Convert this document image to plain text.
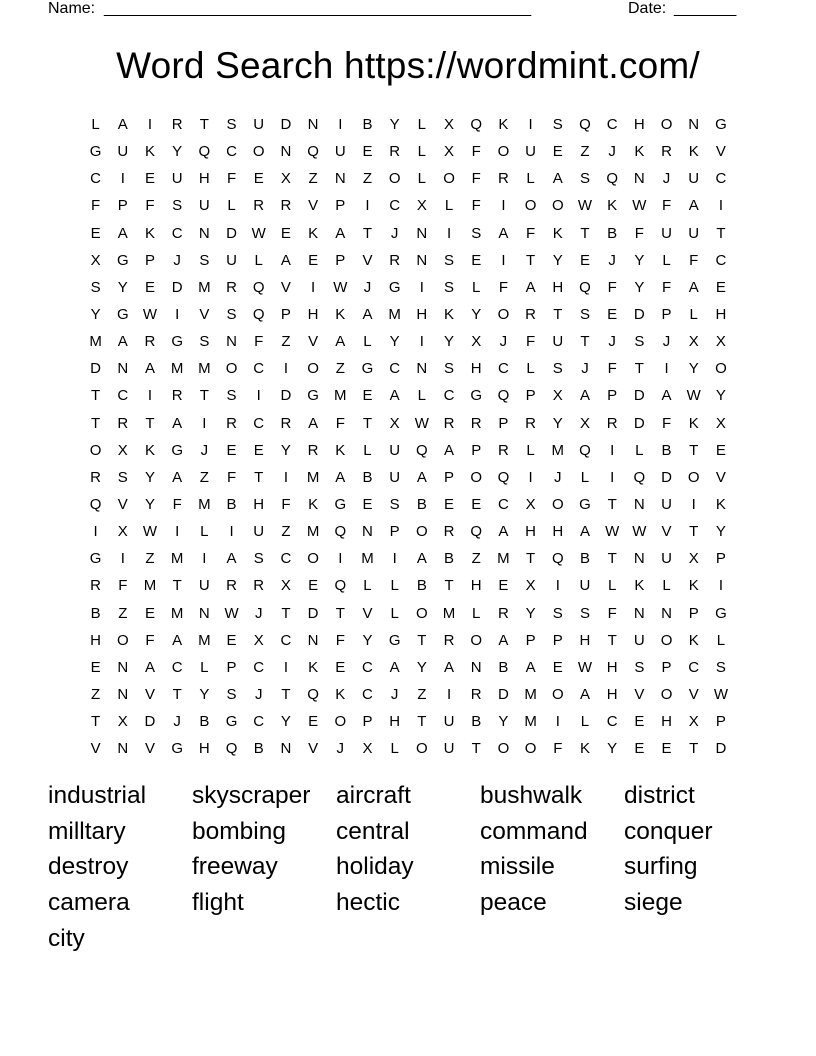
Name: ________________________________________________	Date: _______
Word Search https://wordmint.com/
L	A	I	R	T	S	U	D	N	I	B	Y	L	X	Q	K	I	S	Q	C	H	O	N	G
G	U	K	Y	Q	C	O	N	Q	U	E	R	L	X	F	O	U	E	Z	J	K	R	K	V
C	I	E	U	H	F	E	X	Z	N	Z	O	L	O	F	R	L	A	S	Q	N	J	U	C
F	P	F	S	U	L	R	R	V	P	I	C	X	L	F	I	O	O W	K	W	F	A	I
E	A	K	C	N	D W	E	K	A	T	J	N	I	S	A	F	K	T	B	F	U	U	T
X	G	P	J	S	U	L	A	E	P	V	R	N	S	E	I	T	Y	E	J	Y	L	F	C
S	Y	E	D	M	R	Q	V	I	W	J	G	I	S	L	F	A	H	Q	F	Y	F	A	E
Y	G W	I	V	S	Q	P	H	K	A	M	H	K	Y	O	R	T	S	E	D	P	L	H
M	A	R	G	S	N	F	Z	V	A	L	Y	I	Y	X	J	F	U	T	J	S	J	X	X
D	N	A	M M	O	C	I	O	Z	G	C	N	S	H	C	L	S	J	F	T	I	Y	O
T	C	I	R	T	S	I	D	G	M	E	A	L	C	G	Q	P	X	A	P	D	A	W	Y
T	R	T	A	I	R	C	R	A	F	T	X	W R	R	P	R	Y	X	R	D	F	K	X
O	X	K	G	J	E	E	Y	R	K	L	U	Q	A	P	R	L	M	Q	I	L	B	T	E
R	S	Y	A	Z	F	T	I	M	A	B	U	A	P	O	Q	I	J	L	I	Q	D	O	V
Q	V	Y	F	M	B	H	F	K	G	E	S	B	E	E	C	X	O	G	T	N	U	I	K
I	X	W	I	L	I	U	Z	M	Q	N	P	O	R	Q	A	H	H	A	W W	V	T	Y
G	I	Z	M	I	A	S	C	O	I	M	I	A	B	Z	M	T	Q	B	T	N	U	X	P
R	F	M	T	U	R	R	X	E	Q	L	L	B	T	H	E	X	I	U	L	K	L	K	I
B	Z	E	M	N W	J	T	D	T	V	L	O	M	L	R	Y	S	S	F	N	N	P	G
H	O	F	A	M	E	X	C	N	F	Y	G	T	R	O	A	P	P	H	T	U	O	K	L
E	N	A	C	L	P	C	I	K	E	C	A	Y	A	N	B	A	E	W H	S	P	C	S
Z	N	V	T	Y	S	J	T	Q	K	C	J	Z	I	R	D	M	O	A	H	V	O	V	W
T	X	D	J	B	G	C	Y	E	O	P	H	T	U	B	Y	M	I	L	C	E	H	X	P
V	N	V	G	H	Q	B	N	V	J	X	L	O	U	T	O	O	F	K	Y	E	E	T	D
industrial	skyscraper	aircraft	bushwalk	district
milltary	bombing	central	command	conquer
destroy	freeway	holiday	missile	surfing
camera	flight	hectic	peace	siege
city
